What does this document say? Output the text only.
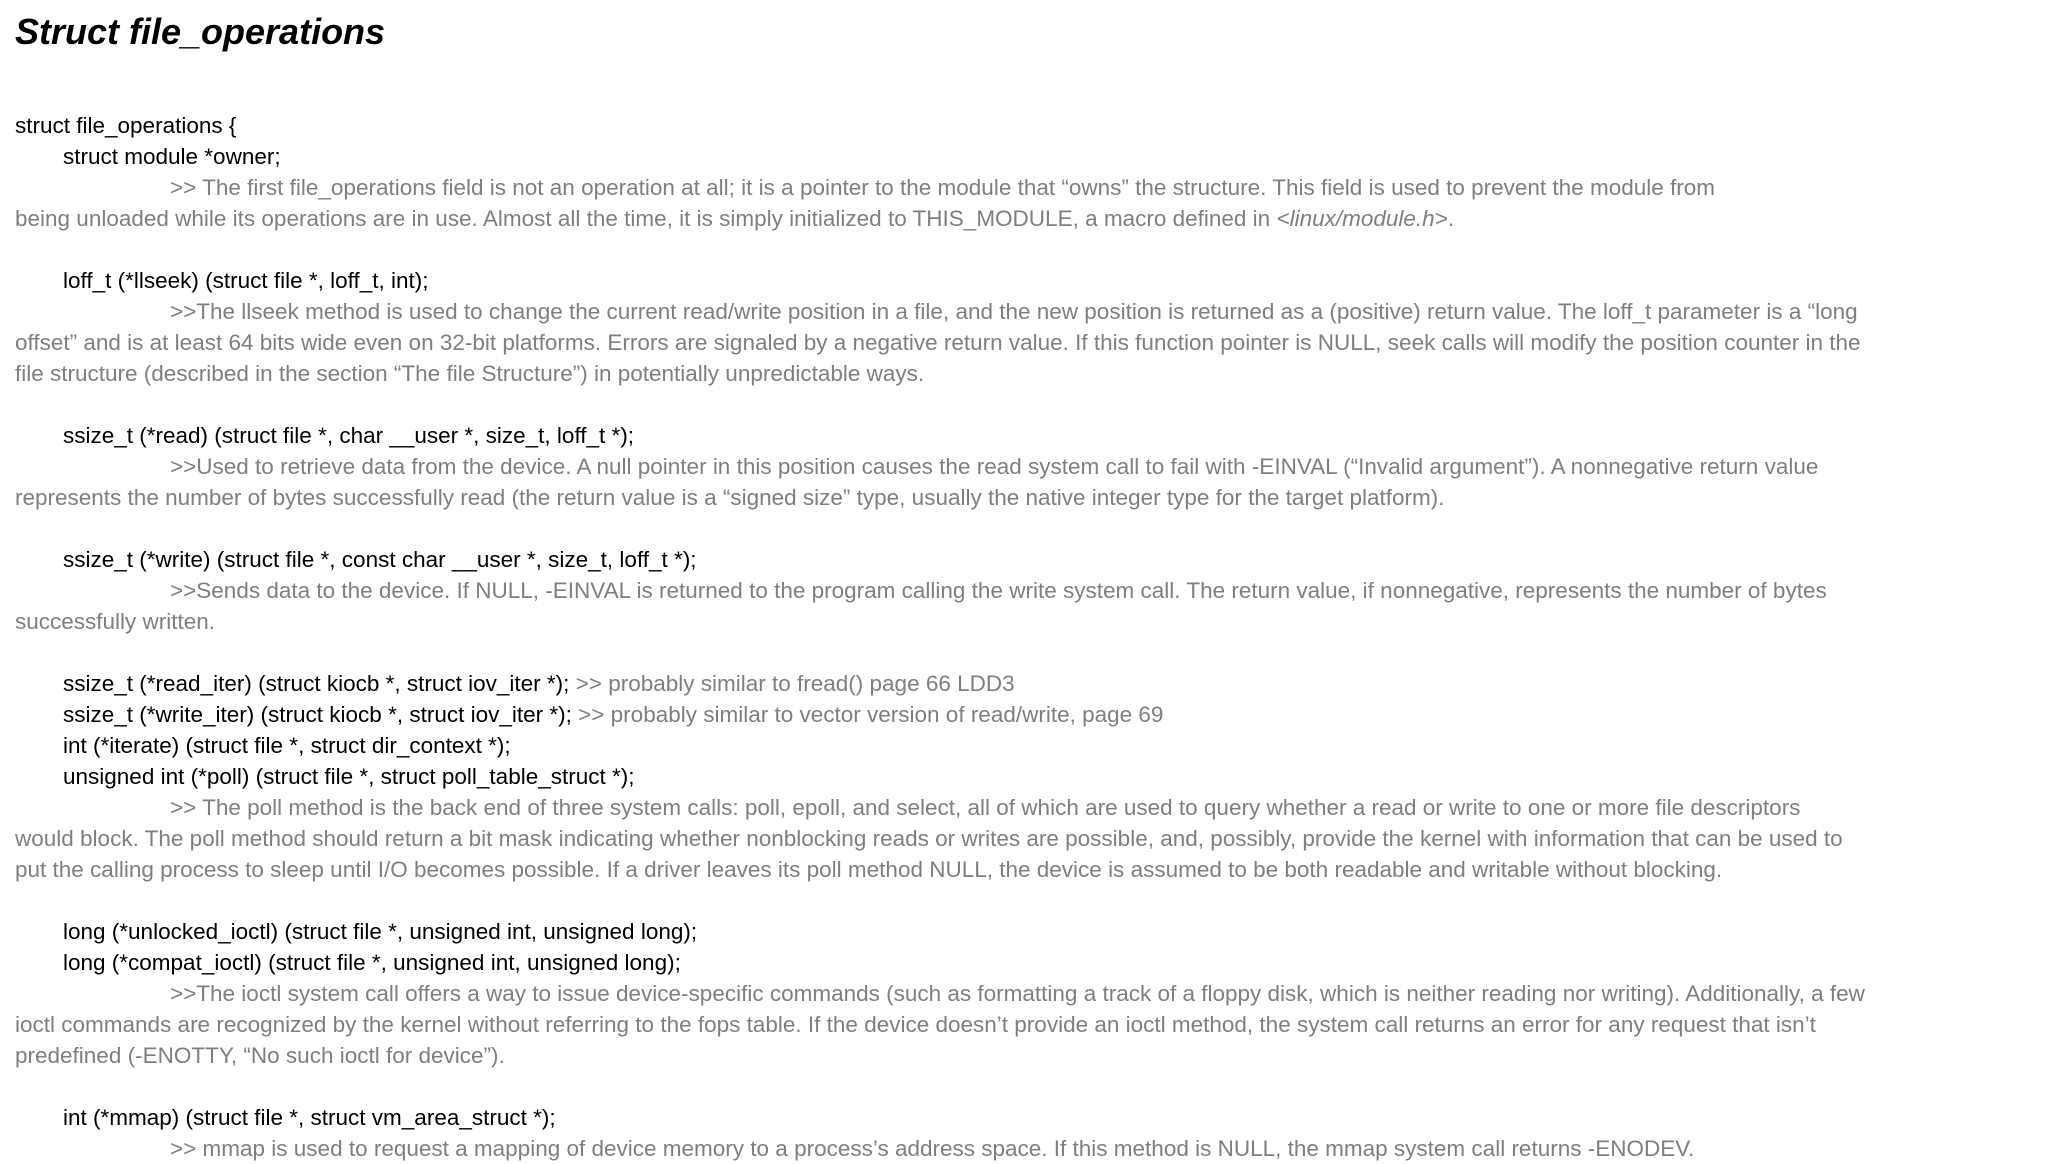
Struct file_operations
struct file_operations {
struct module *owner;
>> The first file_operations field is not an operation at all; it is a pointer to the module that “owns” the structure. This field is used to prevent the module from
being unloaded while its operations are in use. Almost all the time, it is simply initialized to THIS_MODULE, a macro defined in <linux/module.h>.
loff_t (*llseek) (struct file *, loff_t, int);
>>The llseek method is used to change the current read/write position in a file, and the new position is returned as a (positive) return value. The loff_t parameter is a “long
offset” and is at least 64 bits wide even on 32-bit platforms. Errors are signaled by a negative return value. If this function pointer is NULL, seek calls will modify the position counter in the
file structure (described in the section “The file Structure”) in potentially unpredictable ways.
ssize_t (*read) (struct file *, char __user *, size_t, loff_t *);
>>Used to retrieve data from the device. A null pointer in this position causes the read system call to fail with -EINVAL (“Invalid argument”). A nonnegative return value
represents the number of bytes successfully read (the return value is a “signed size” type, usually the native integer type for the target platform).
ssize_t (*write) (struct file *, const char __user *, size_t, loff_t *);
>>Sends data to the device. If NULL, -EINVAL is returned to the program calling the write system call. The return value, if nonnegative, represents the number of bytes
successfully written.
ssize_t (*read_iter) (struct kiocb *, struct iov_iter *); >> probably similar to fread() page 66 LDD3
ssize_t (*write_iter) (struct kiocb *, struct iov_iter *); >> probably similar to vector version of read/write, page 69
int (*iterate) (struct file *, struct dir_context *);
unsigned int (*poll) (struct file *, struct poll_table_struct *);
>> The poll method is the back end of three system calls: poll, epoll, and select, all of which are used to query whether a read or write to one or more file descriptors
would block. The poll method should return a bit mask indicating whether nonblocking reads or writes are possible, and, possibly, provide the kernel with information that can be used to
put the calling process to sleep until I/O becomes possible. If a driver leaves its poll method NULL, the device is assumed to be both readable and writable without blocking.
long (*unlocked_ioctl) (struct file *, unsigned int, unsigned long);
long (*compat_ioctl) (struct file *, unsigned int, unsigned long);
>>The ioctl system call offers a way to issue device-specific commands (such as formatting a track of a floppy disk, which is neither reading nor writing). Additionally, a few
ioctl commands are recognized by the kernel without referring to the fops table. If the device doesn’t provide an ioctl method, the system call returns an error for any request that isn’t
predefined (-ENOTTY, “No such ioctl for device”).
int (*mmap) (struct file *, struct vm_area_struct *);
>> mmap is used to request a mapping of device memory to a process’s address space. If this method is NULL, the mmap system call returns -ENODEV.
